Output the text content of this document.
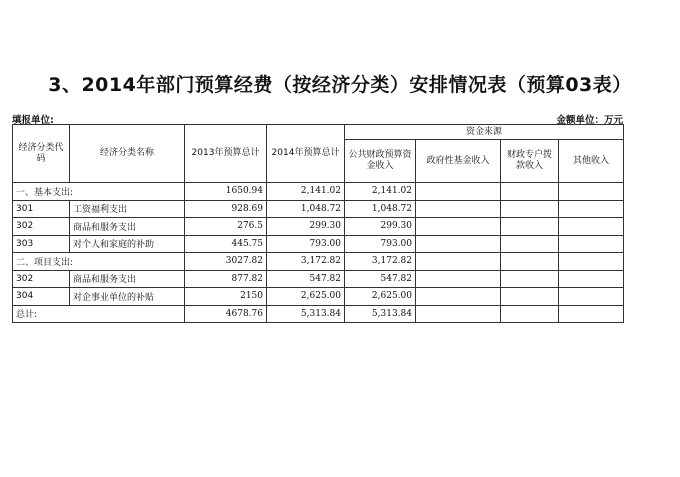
3、2014年部门预算经费（按经济分类）安排情况表（预算03表）
填报单位:	金额单位：万元
经济分类代码	经济分类名称	2013年预算总计	2014年预算总计	资金来源			
				公共财政预算资金收入	政府性基金收入	财政专户拨款收入	其他收入
一、基本支出:		1650.94	2,141.02	2,141.02			
301	工资福利支出	928.69	1,048.72	1,048.72			
302	商品和服务支出	276.5	299.30	299.30			
303	对个人和家庭的补助	445.75	793.00	793.00			
二、项目支出:		3027.82	3,172.82	3,172.82			
302	商品和服务支出	877.82	547.82	547.82			
304	对企事业单位的补贴	2150	2,625.00	2,625.00			
总计:		4678.76	5,313.84	5,313.84			
